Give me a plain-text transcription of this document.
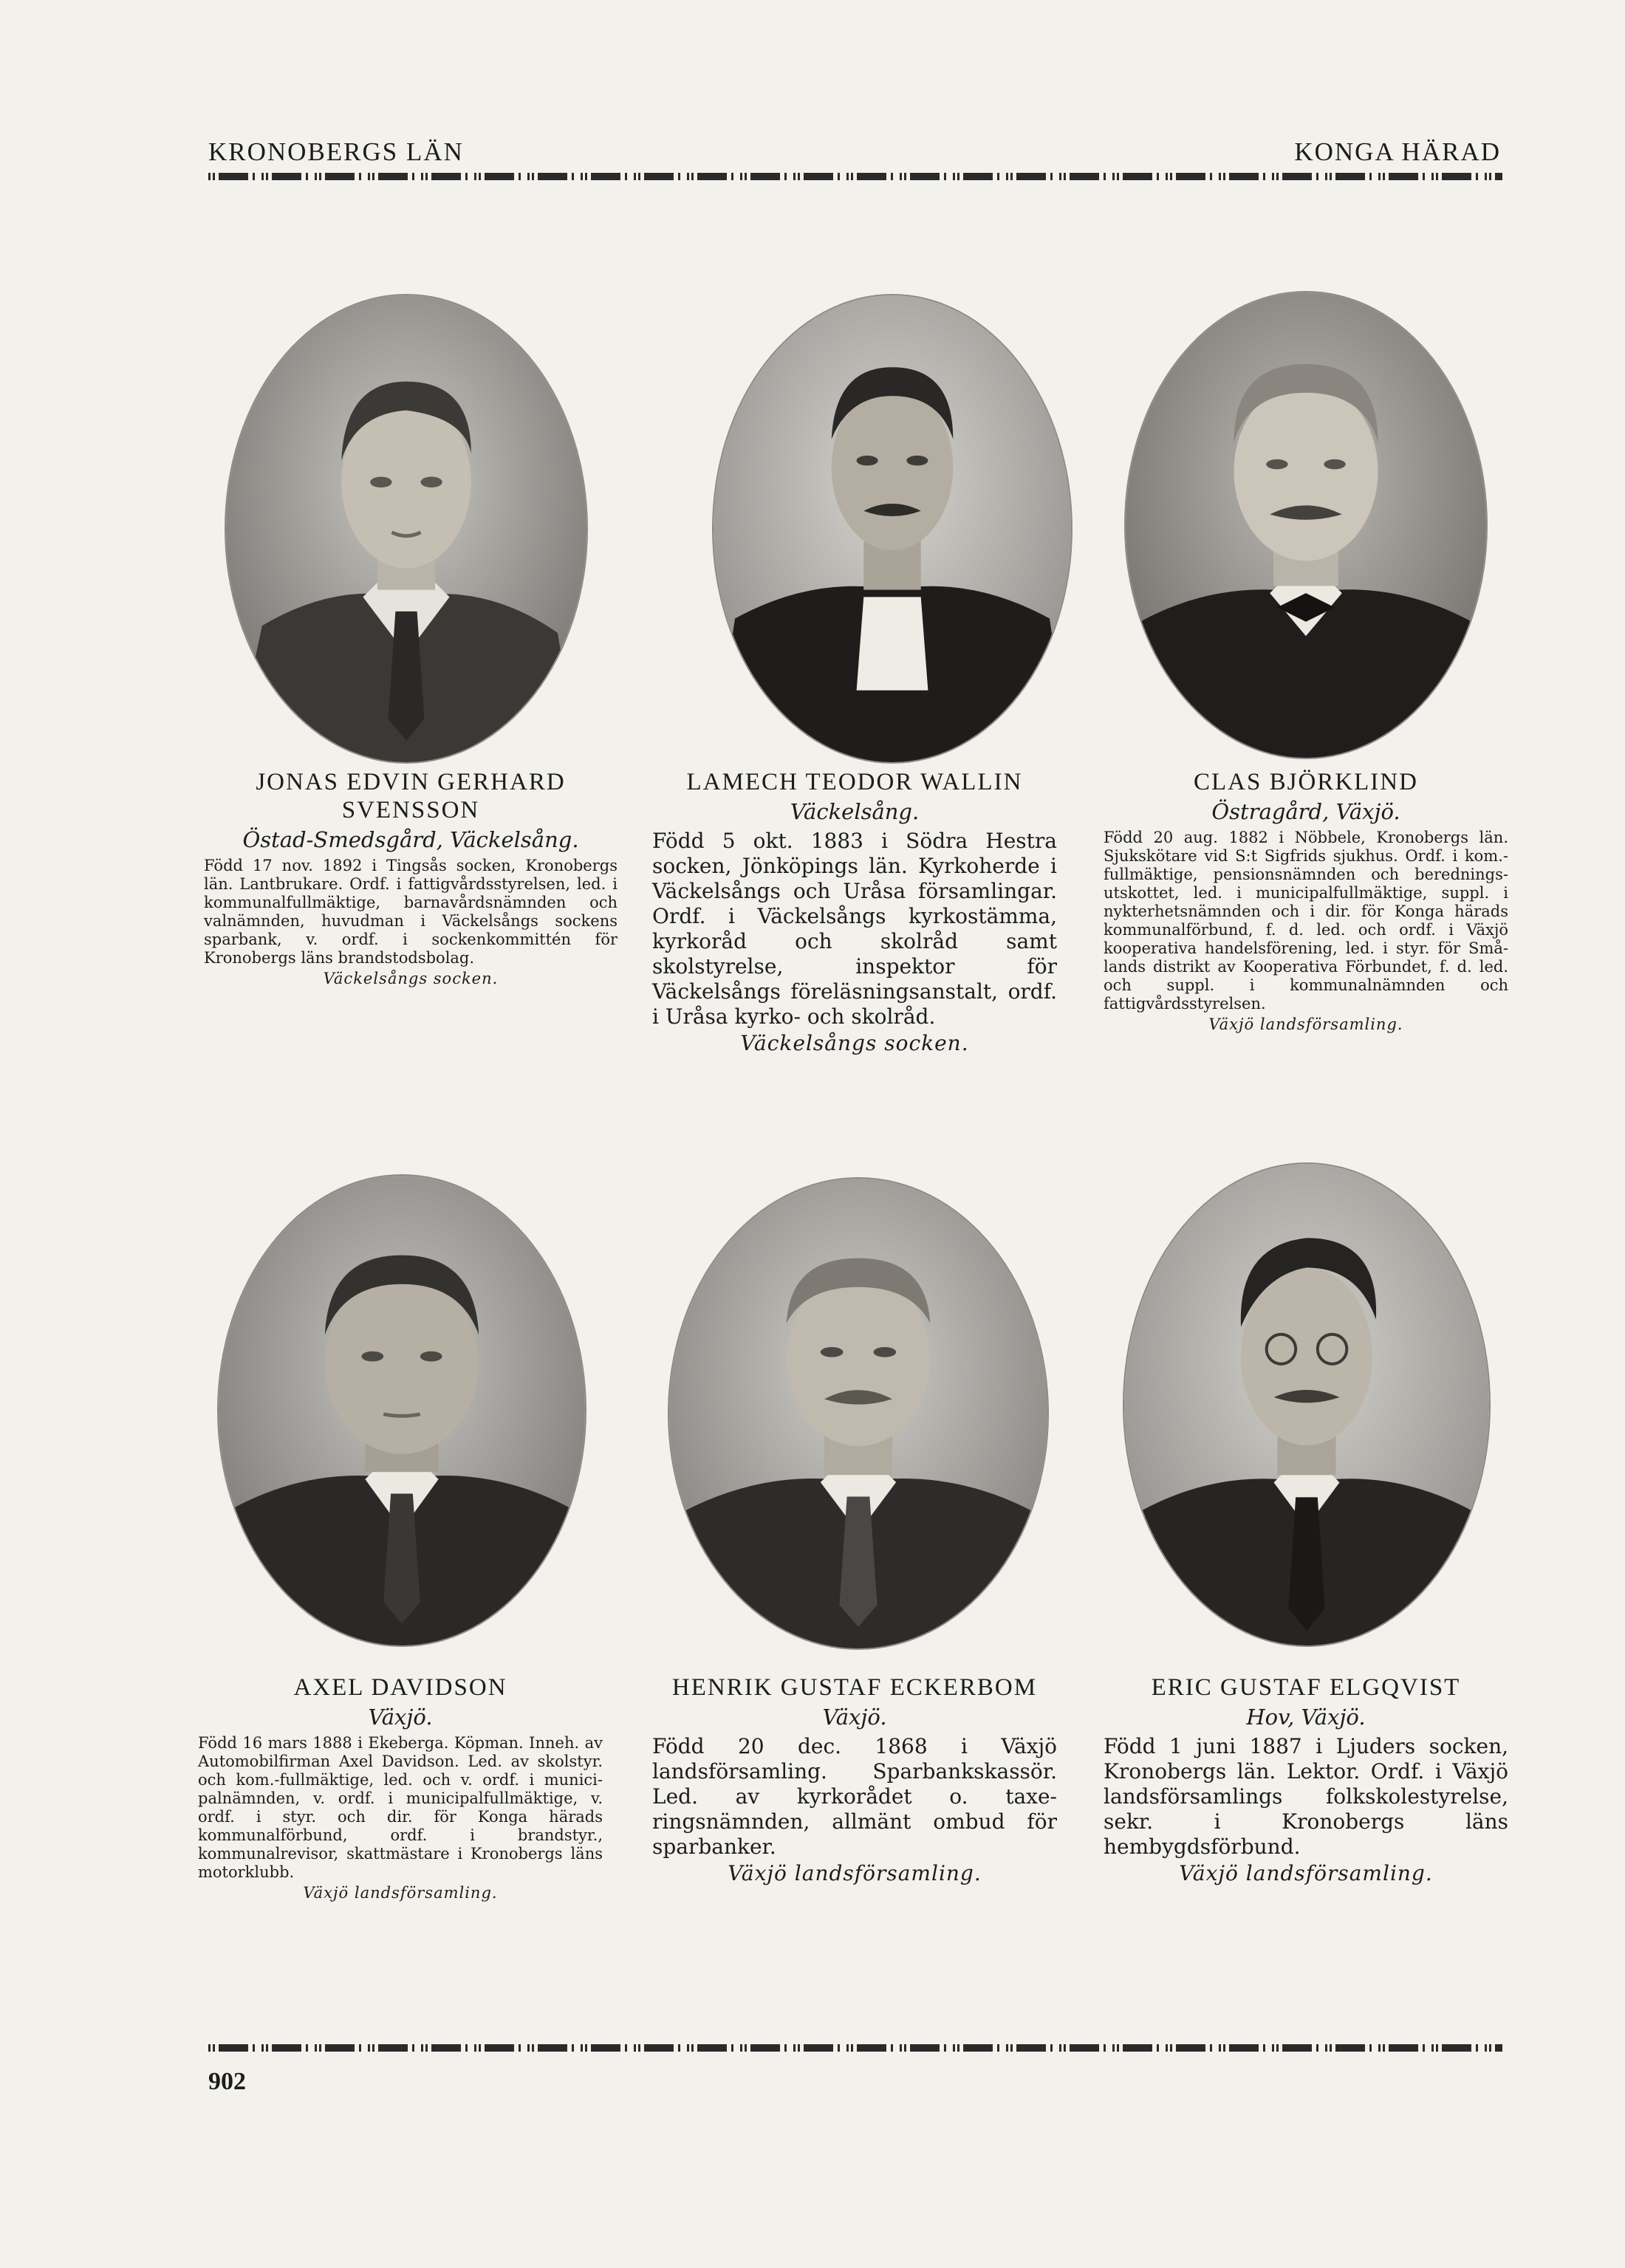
KRONOBERGS LÄN	KONGA HÄRAD
JONAS EDVIN GERHARD SVENSSON
Östad-Smedsgård, Väckelsång.

Född 17 nov. 1892 i Tingsås socken, Kronobergs län. Lantbrukare. Ordf. i fattigvårdsstyrelsen, led. i kommunalfullmäktige, barnavårdsnämnden och valnämnden, huvudman i Väckelsångs sockens sparbank, v. ordf. i sockenkommittén för Kronobergs läns brandstodsbolag.

Väckelsångs socken.
LAMECH TEODOR WALLIN
Väckelsång.

Född 5 okt. 1883 i Södra Hestra socken, Jönköpings län. Kyrkoherde i Väckelsångs och Uråsa församlingar. Ordf. i Väckelsångs kyrkostämma, kyrkoråd och skolråd samt skolstyrelse, inspektor för Väckelsångs föreläsningsanstalt, ordf. i Uråsa kyrko- och skolråd.

Väckelsångs socken.
CLAS BJÖRKLIND
Östragård, Växjö.

Född 20 aug. 1882 i Nöbbele, Kronobergs län. Sjukskötare vid S:t Sigfrids sjukhus. Ordf. i kom.-fullmäktige, pensionsnämnden och beredningsutskottet, led. i municipalfullmäktige, suppl. i nykterhetsnämnden och i dir. för Konga härads kommunalförbund, f. d. led. och ordf. i Växjö kooperativa handelsförening, led. i styr. för Smålands distrikt av Kooperativa Förbundet, f. d. led. och suppl. i kommunalnämnden och fattigvårdsstyrelsen.

Växjö landsförsamling.
AXEL DAVIDSON
Växjö.

Född 16 mars 1888 i Ekeberga. Köpman. Inneh. av Automobilfirman Axel Davidson. Led. av skolstyr. och kom.-fullmäktige, led. och v. ordf. i municipalnämnden, v. ordf. i municipalfullmäktige, v. ordf. i styr. och dir. för Konga härads kommunalförbund, ordf. i brandstyr., kommunalrevisor, skattmästare i Kronobergs läns motorklubb.

Växjö landsförsamling.
HENRIK GUSTAF ECKERBOM
Växjö.

Född 20 dec. 1868 i Växjö landsförsamling. Sparbankskassör. Led. av kyrkorådet o. taxeringsnämnden, allmänt ombud för sparbanker.

Växjö landsförsamling.
ERIC GUSTAF ELGQVIST
Hov, Växjö.

Född 1 juni 1887 i Ljuders socken, Kronobergs län. Lektor. Ordf. i Växjö landsförsamlings folkskolestyrelse, sekr. i Kronobergs läns hembygdsförbund.

Växjö landsförsamling.
902
